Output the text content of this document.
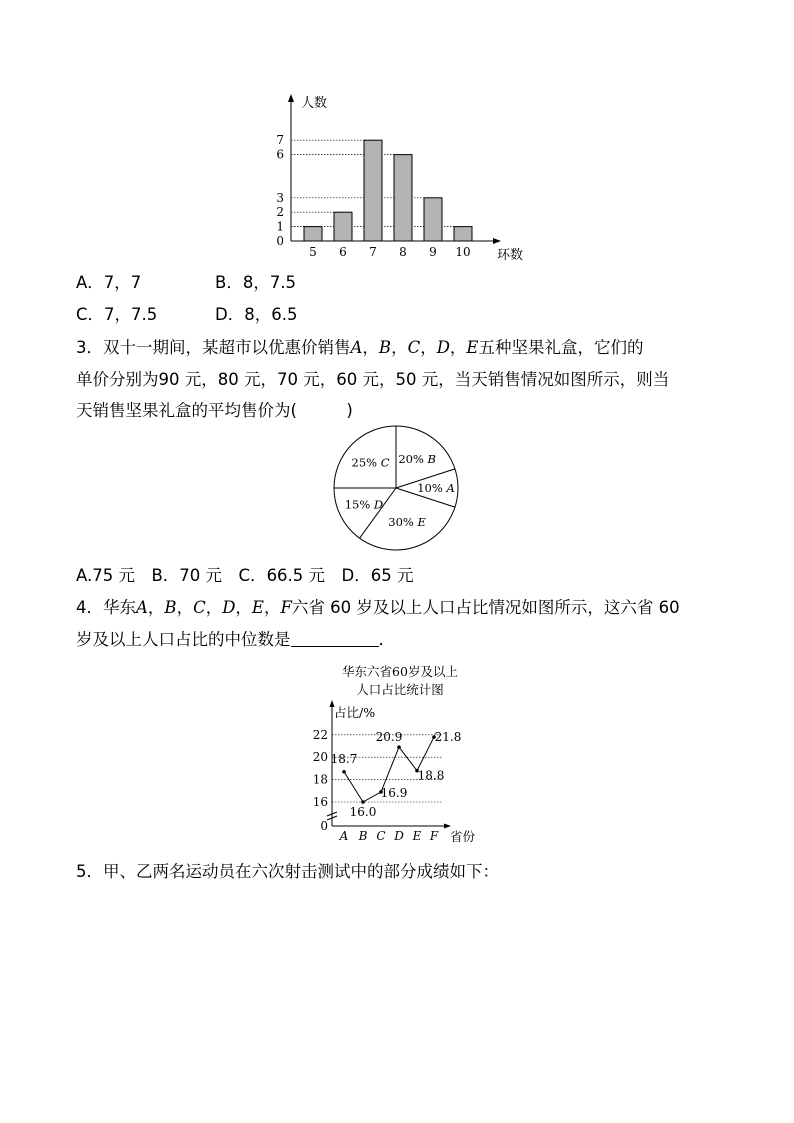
人数
环数
0
1
2
3
6
7
5 6 7 8 9 10
A．7，7	B．8，7.5
C．7，7.5	D．8，6.5
3．双十一期间，某超市以优惠价销售A，B，C，D，E五种坚果礼盒，它们的
单价分别为90 元，80 元，70 元，60 元，50 元，当天销售情况如图所示，则当
天销售坚果礼盒的平均售价为(　　　)
10% A
30% E
15% D
25% C 20% B
A.75 元　B．70 元　C．66.5 元　D．65 元
4．华东A，B，C，D，E，F六省 60 岁及以上人口占比情况如图所示，这六省 60
岁及以上人口占比的中位数是	．
华东六省60岁及以上
人口占比统计图
占比/%
省份
0
16
18
20
22
A B C D E F
18.7
16.0
16.9
20.9
18.8
21.8
5．甲、乙两名运动员在六次射击测试中的部分成绩如下：
